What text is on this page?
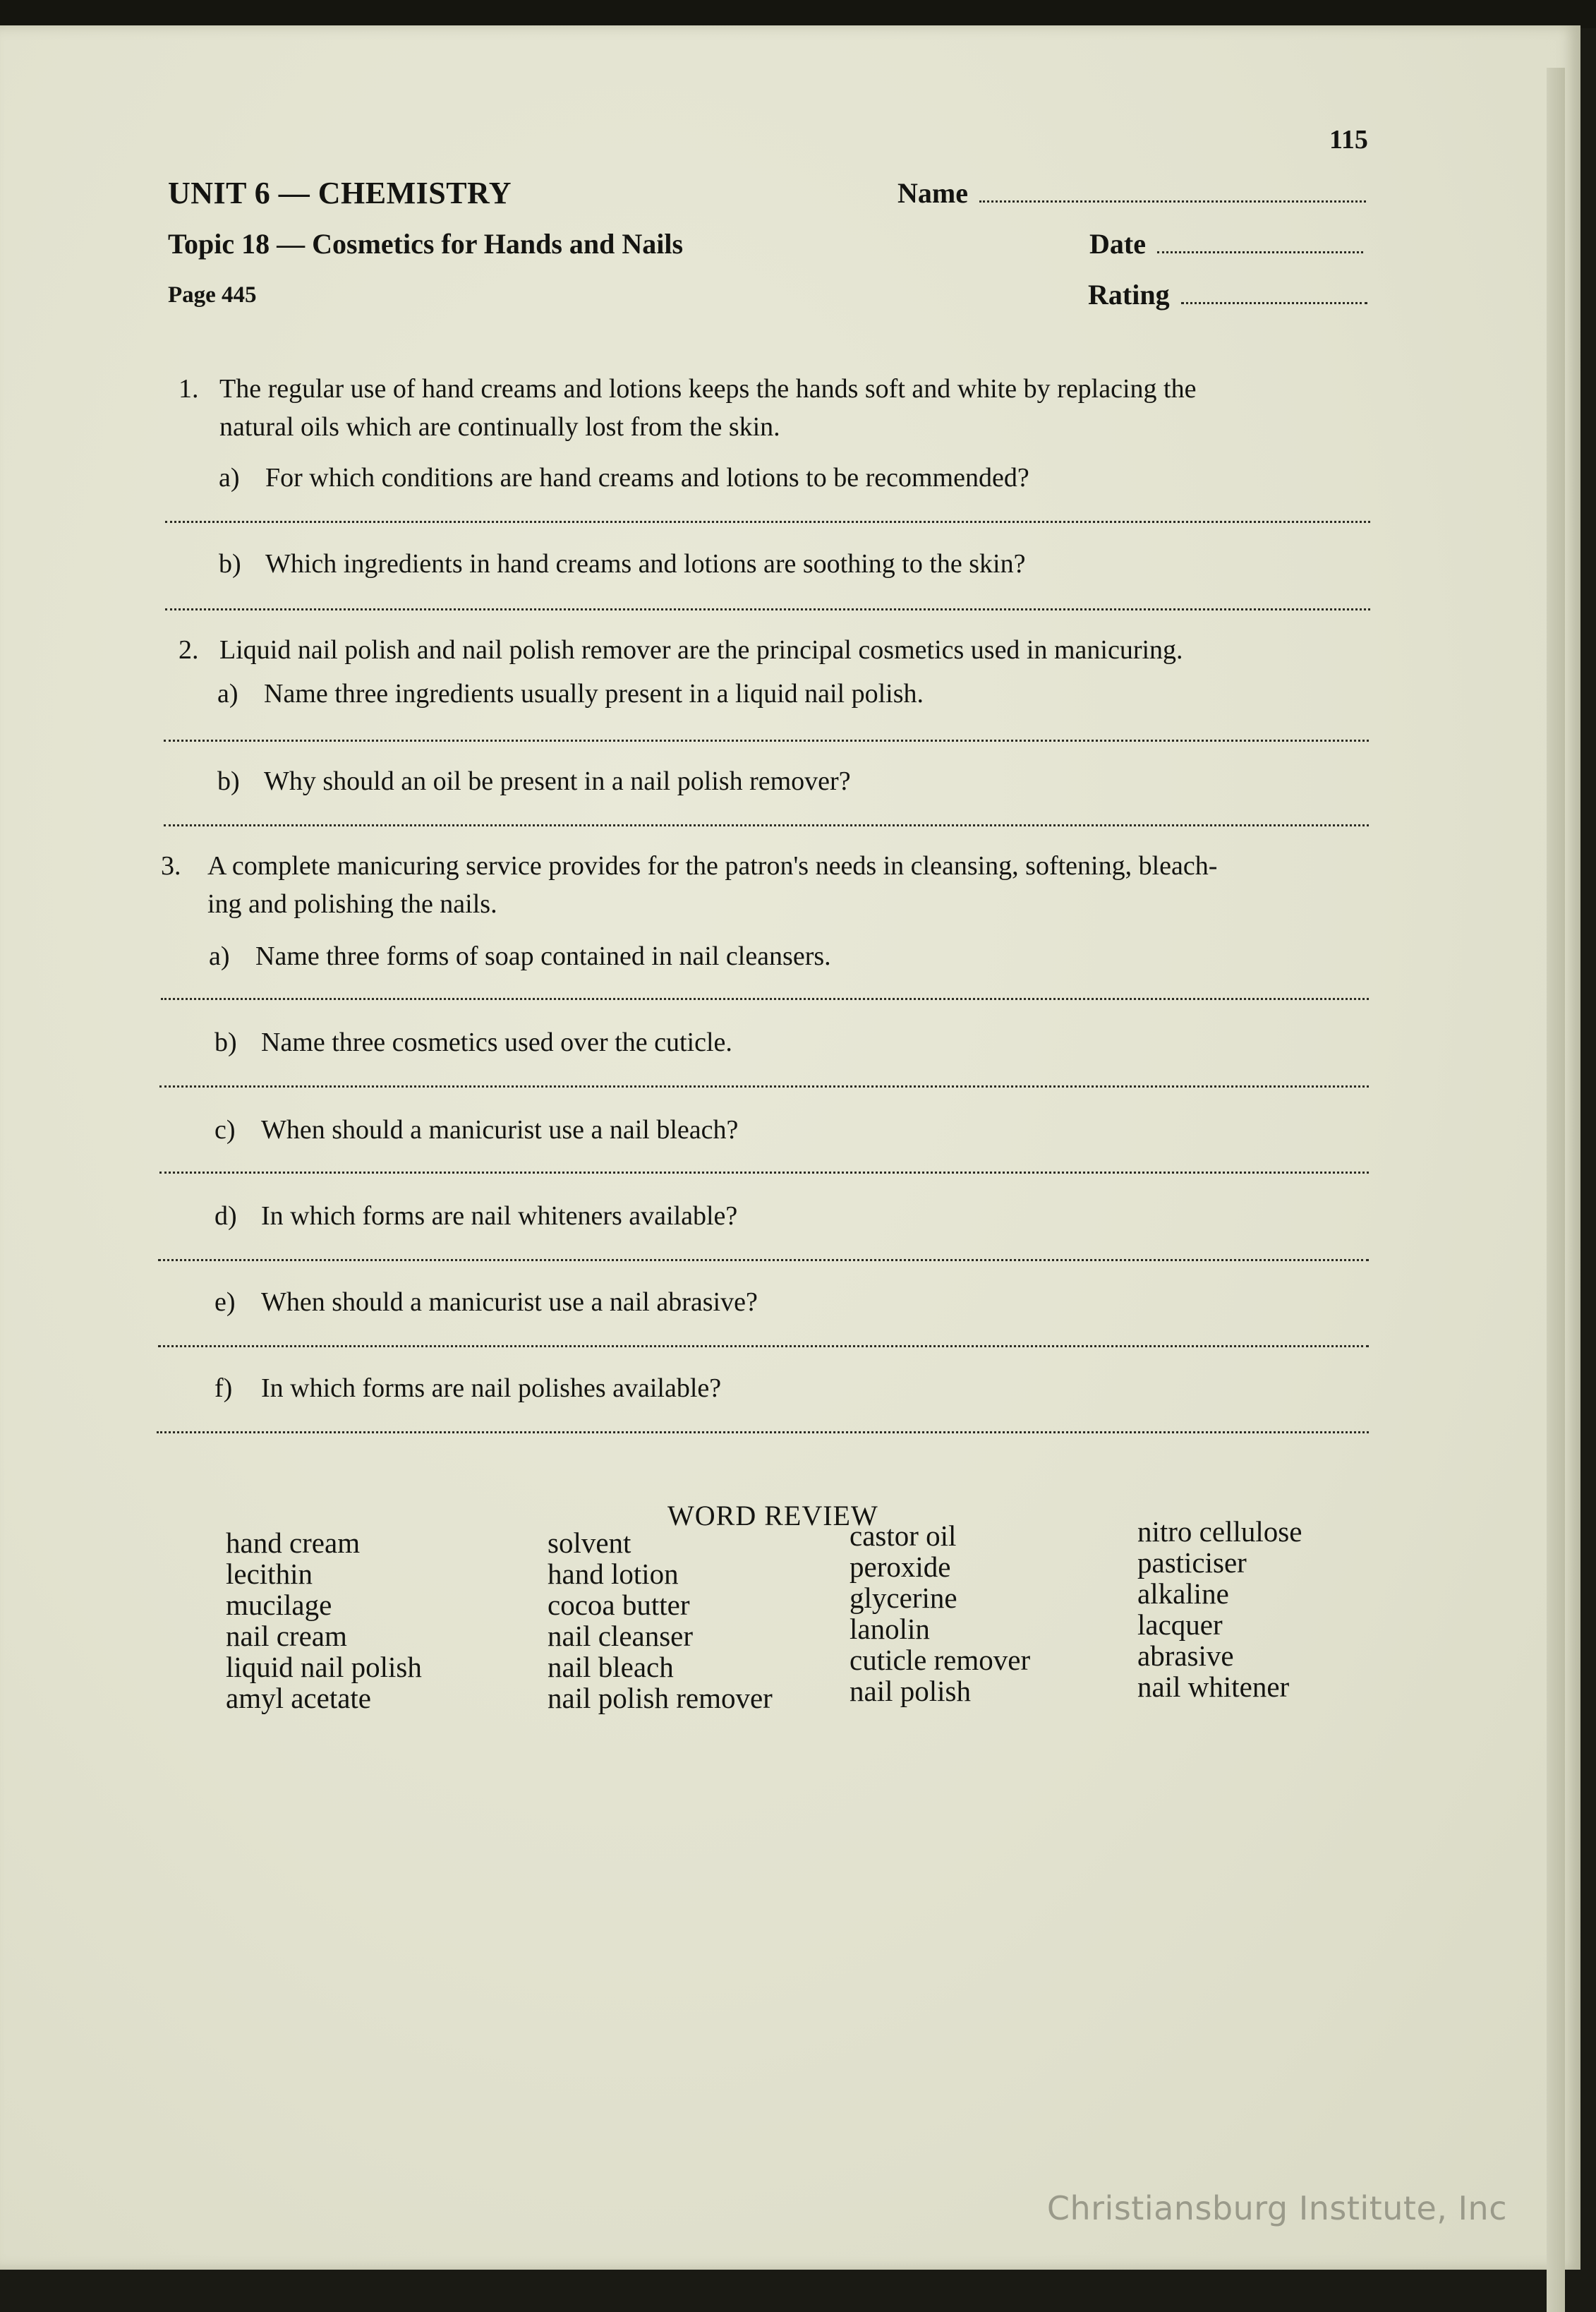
115
UNIT 6 — CHEMISTRY
Topic 18 — Cosmetics for Hands and Nails
Page 445
Name
Date
Rating
1. The regular use of hand creams and lotions keeps the hands soft and white by replacing the
natural oils which are continually lost from the skin.
a) For which conditions are hand creams and lotions to be recommended?
b) Which ingredients in hand creams and lotions are soothing to the skin?
2. Liquid nail polish and nail polish remover are the principal cosmetics used in manicuring.
a) Name three ingredients usually present in a liquid nail polish.
b) Why should an oil be present in a nail polish remover?
3. A complete manicuring service provides for the patron's needs in cleansing, softening, bleach-
ing and polishing the nails.
a) Name three forms of soap contained in nail cleansers.
b) Name three cosmetics used over the cuticle.
c) When should a manicurist use a nail bleach?
d) In which forms are nail whiteners available?
e) When should a manicurist use a nail abrasive?
f) In which forms are nail polishes available?
WORD REVIEW
hand cream
lecithin
mucilage
nail cream
liquid nail polish
amyl acetate
solvent
hand lotion
cocoa butter
nail cleanser
nail bleach
nail polish remover
castor oil
peroxide
glycerine
lanolin
cuticle remover
nail polish
nitro cellulose
pasticiser
alkaline
lacquer
abrasive
nail whitener
Christiansburg Institute, Inc
